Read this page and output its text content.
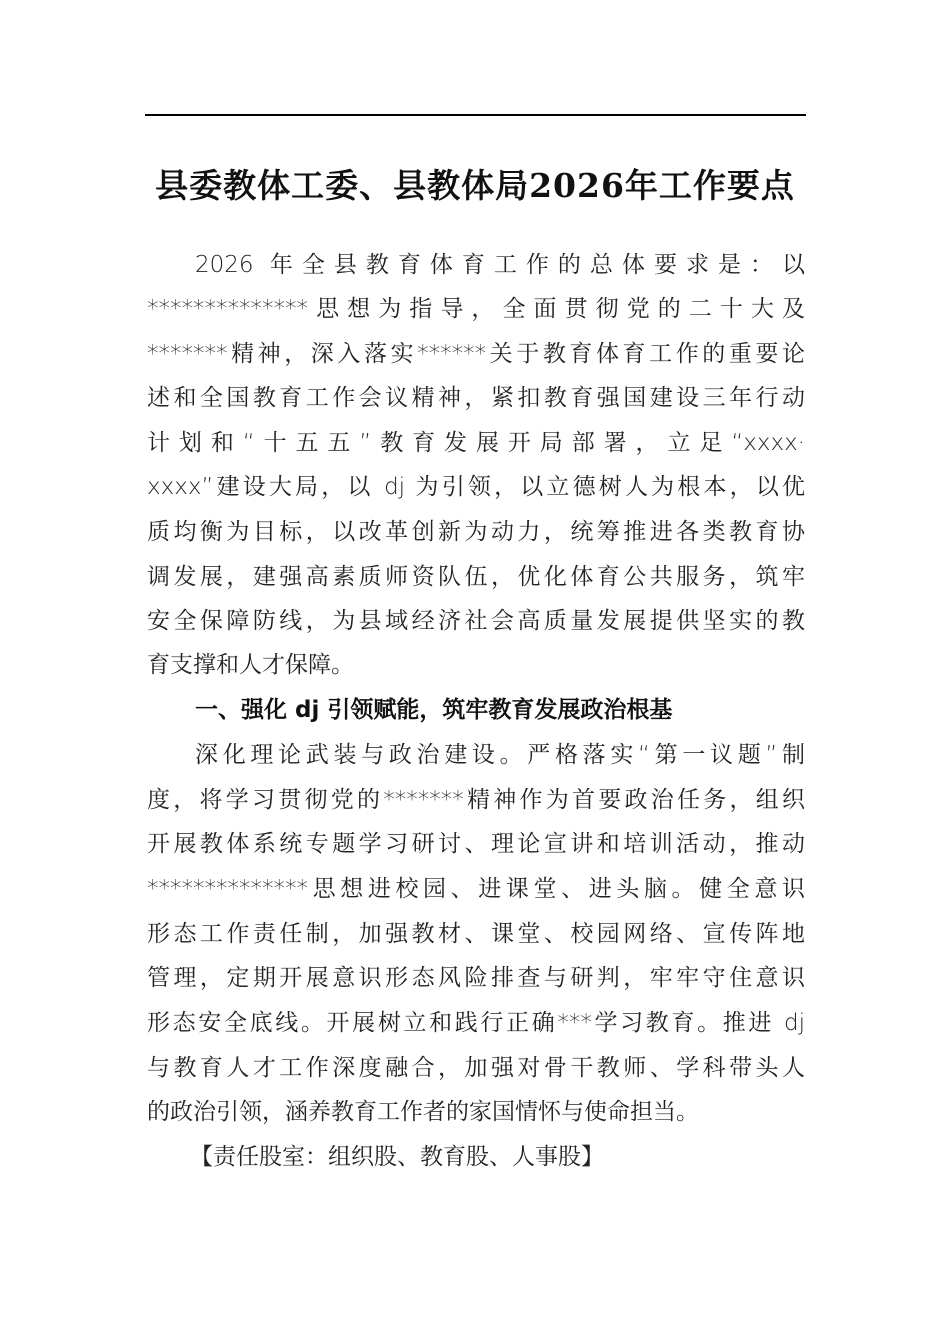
县委教体工委、县教体局2026年工作要点
2026 年全县教育体育工作的总体要求是：以
**************思想为指导，全面贯彻党的二十大及
*******精神，深入落实******关于教育体育工作的重要论
述和全国教育工作会议精神，紧扣教育强国建设三年行动
计划和“十五五”教育发展开局部署，立足“xxxx·
xxxx”建设大局，以 dj 为引领，以立德树人为根本，以优
质均衡为目标，以改革创新为动力，统筹推进各类教育协
调发展，建强高素质师资队伍，优化体育公共服务，筑牢
安全保障防线，为县域经济社会高质量发展提供坚实的教
育支撑和人才保障。
一、强化 dj 引领赋能，筑牢教育发展政治根基
深化理论武装与政治建设。严格落实“第一议题”制
度，将学习贯彻党的*******精神作为首要政治任务，组织
开展教体系统专题学习研讨、理论宣讲和培训活动，推动
**************思想进校园、进课堂、进头脑。健全意识
形态工作责任制，加强教材、课堂、校园网络、宣传阵地
管理，定期开展意识形态风险排查与研判，牢牢守住意识
形态安全底线。开展树立和践行正确***学习教育。推进 dj
与教育人才工作深度融合，加强对骨干教师、学科带头人
的政治引领，涵养教育工作者的家国情怀与使命担当。
【责任股室：组织股、教育股、人事股】
